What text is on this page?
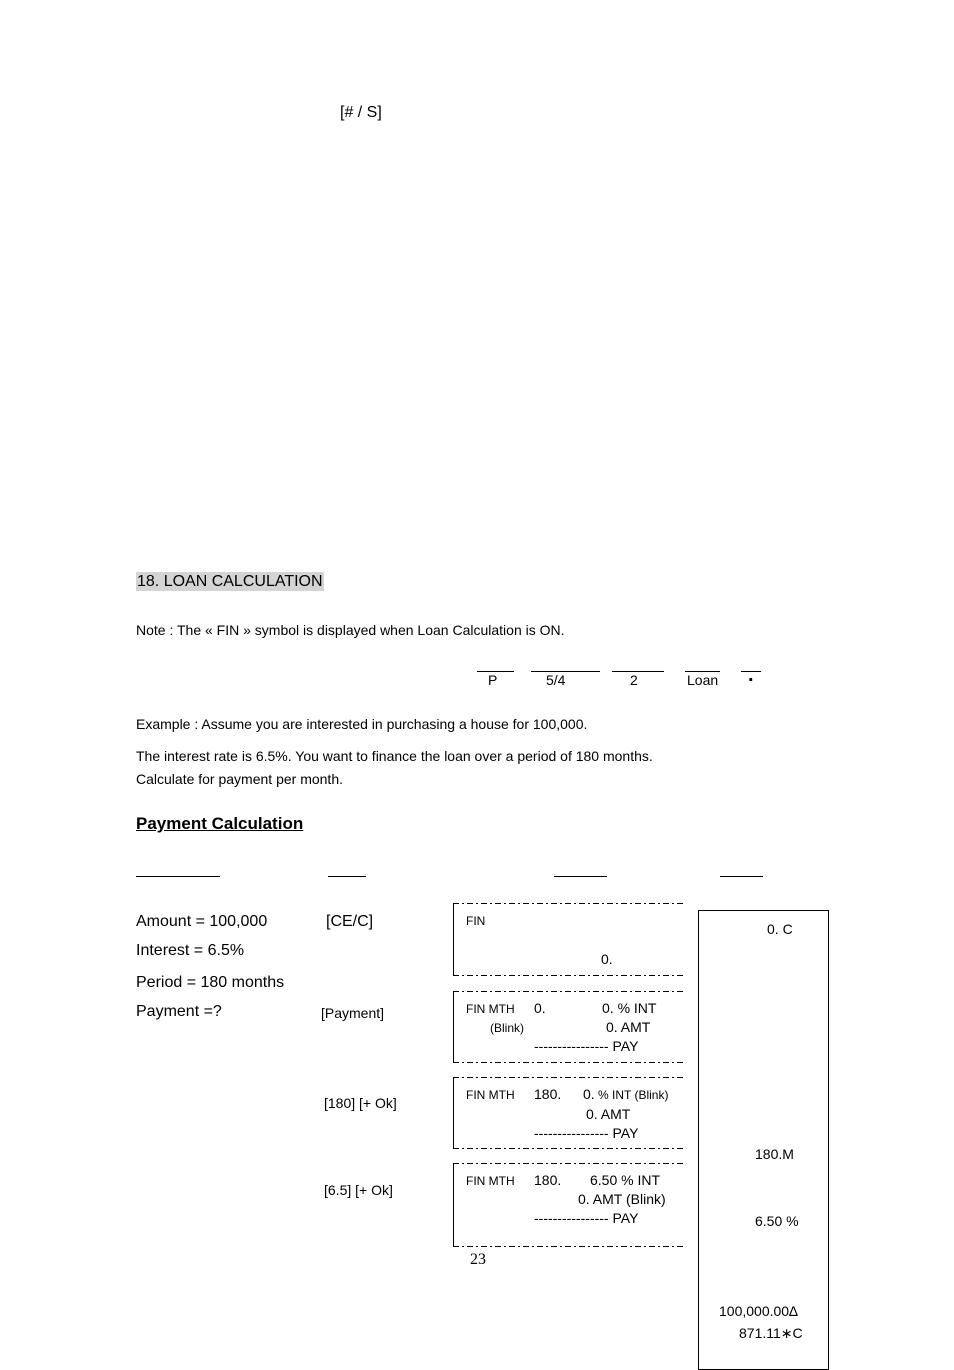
[# / S]
18. LOAN CALCULATION
Note : The « FIN » symbol is displayed when Loan Calculation is ON.
P	5/4	2	Loan .
Example : Assume you are interested in purchasing a house for 100,000.
The interest rate is 6.5%. You want to finance the loan over a period of 180 months.
Calculate for payment per month.
Payment Calculation
Amount = 100,000
Interest = 6.5%
Period = 180 months
Payment =?
[CE/C]
[Payment]
[180] [+ Ok]
[6.5] [+ Ok]
FIN
0.
FIN MTH 0.	0. % INT
(Blink)	0. AMT
---------------- PAY
FIN MTH 180. 0. % INT (Blink)
0. AMT
---------------- PAY
FIN MTH 180. 6.50 % INT
0. AMT (Blink)
---------------- PAY
0. C
180.M
6.50 %
100,000.00∆
871.11∗C
23
